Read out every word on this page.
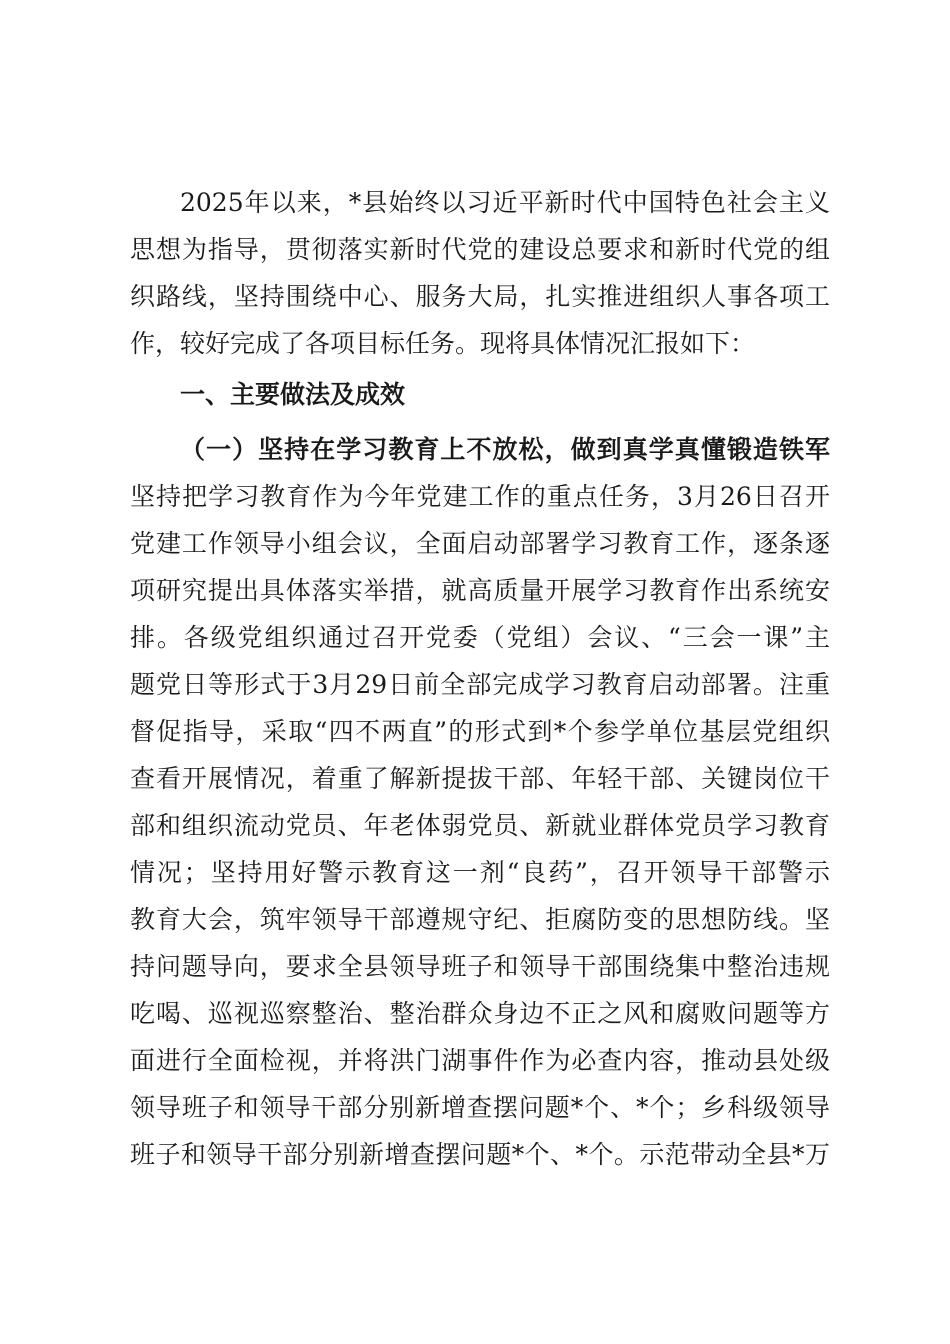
2025年以来，*县始终以习近平新时代中国特色社会主义
思想为指导，贯彻落实新时代党的建设总要求和新时代党的组
织路线，坚持围绕中心、服务大局，扎实推进组织人事各项工
作，较好完成了各项目标任务。现将具体情况汇报如下：
一、主要做法及成效
（一）坚持在学习教育上不放松，做到真学真懂锻造铁军
坚持把学习教育作为今年党建工作的重点任务，3月26日召开
党建工作领导小组会议，全面启动部署学习教育工作，逐条逐
项研究提出具体落实举措，就高质量开展学习教育作出系统安
排。各级党组织通过召开党委（党组）会议、“三会一课”主
题党日等形式于3月29日前全部完成学习教育启动部署。注重
督促指导，采取“四不两直”的形式到*个参学单位基层党组织
查看开展情况，着重了解新提拔干部、年轻干部、关键岗位干
部和组织流动党员、年老体弱党员、新就业群体党员学习教育
情况；坚持用好警示教育这一剂“良药”，召开领导干部警示
教育大会，筑牢领导干部遵规守纪、拒腐防变的思想防线。坚
持问题导向，要求全县领导班子和领导干部围绕集中整治违规
吃喝、巡视巡察整治、整治群众身边不正之风和腐败问题等方
面进行全面检视，并将洪门湖事件作为必查内容，推动县处级
领导班子和领导干部分别新增查摆问题*个、*个；乡科级领导
班子和领导干部分别新增查摆问题*个、*个。示范带动全县*万
